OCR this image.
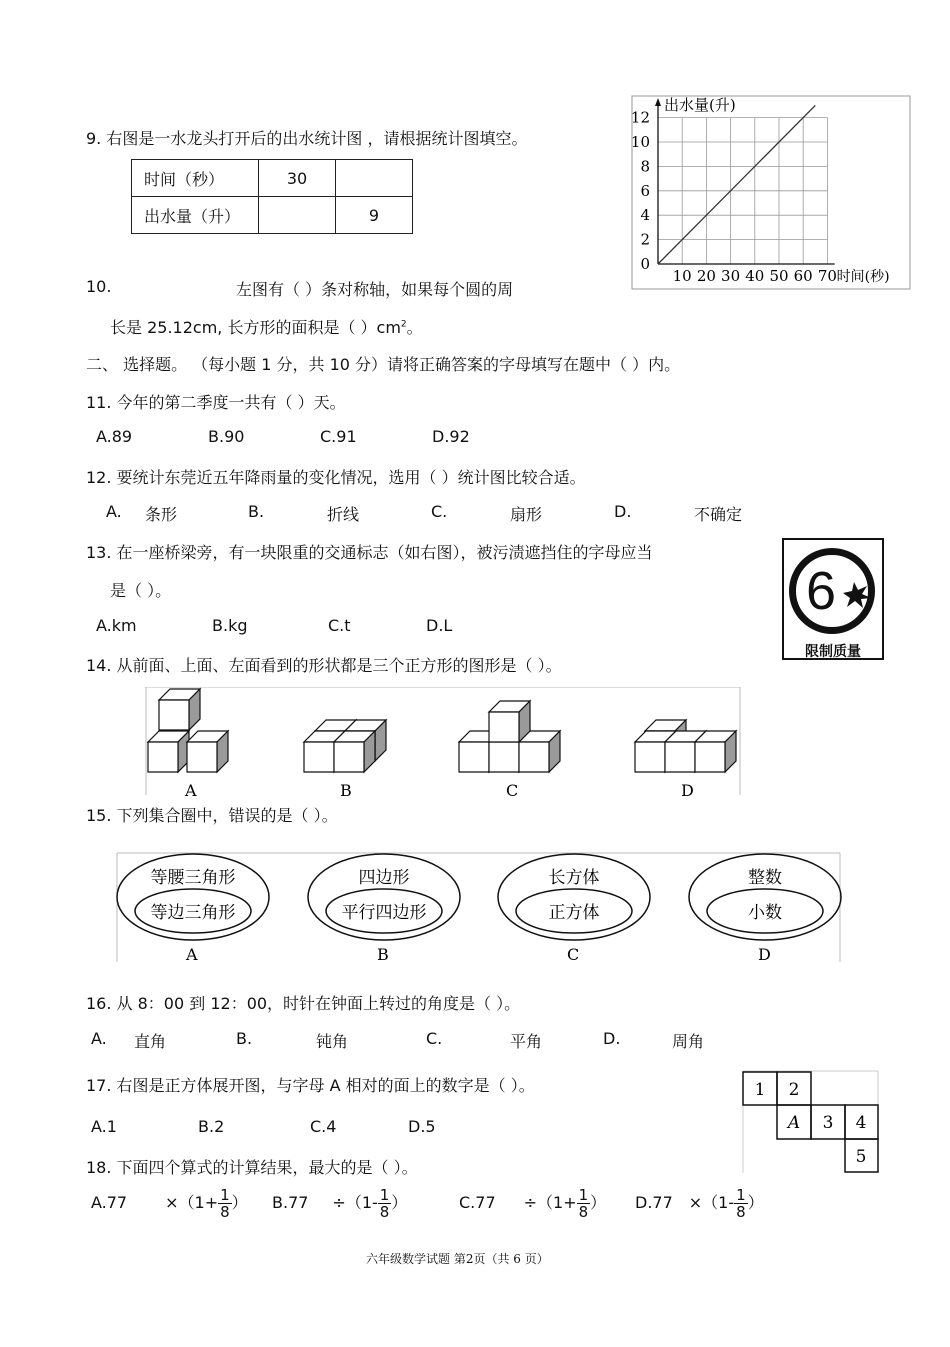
9. 右图是一水龙头打开后的出水统计图 ，请根据统计图填空。
时间（秒）	30	
出水量（升）		9
10 20 30 40 50 60 70
0
2
4
6
8
10
12
出水量(升)
时间(秒)
10.	左图有（ ）条对称轴，如果每个圆的周
长是 25.12cm, 长方形的面积是（ ）$cm^2$。
二、 选择题。 （每小题 1 分，共 10 分）请将正确答案的字母填写在题中（ ）内。
11. 今年的第二季度一共有（ ）天。
A.89	B.90	C.91	D.92
12. 要统计东莞近五年降雨量的变化情况，选用（ ）统计图比较合适。
A. 条形	B.	折线	C.	扇形	D.	不确定
13. 在一座桥梁旁，有一块限重的交通标志（如右图），被污渍遮挡住的字母应当
是（ ）。
A.km	B.kg	C.t	D.L
6
限制质量
14. 从前面、上面、左面看到的形状都是三个正方形的图形是（ ）。
A	B	C	D
15. 下列集合圈中，错误的是（ ）。
等腰三角形
等边三角形
A
四边形
平行四边形
B
长方体
正方体
C
整数
小数
D
16. 从 8：00 到 12：00，时针在钟面上转过的角度是（ ）。
A. 直角	B.	钝角	C.	平角	D.	周角
17. 右图是正方体展开图，与字母 A 相对的面上的数字是（ ）。
A.1	B.2	C.4	D.5
1 2
A 3 4
5
18. 下面四个算式的计算结果，最大的是（ ）。
$A.77 \times(1+ \frac{1}{8}$ ） $B.77 \div(1- \frac{1}{8}$ ）	$C.77 \div(1+ \frac{1}{8}$ ） $D.77 \times(1- \frac{1}{8}$ ）
六年级数学试题 第2页（共 6 页）
